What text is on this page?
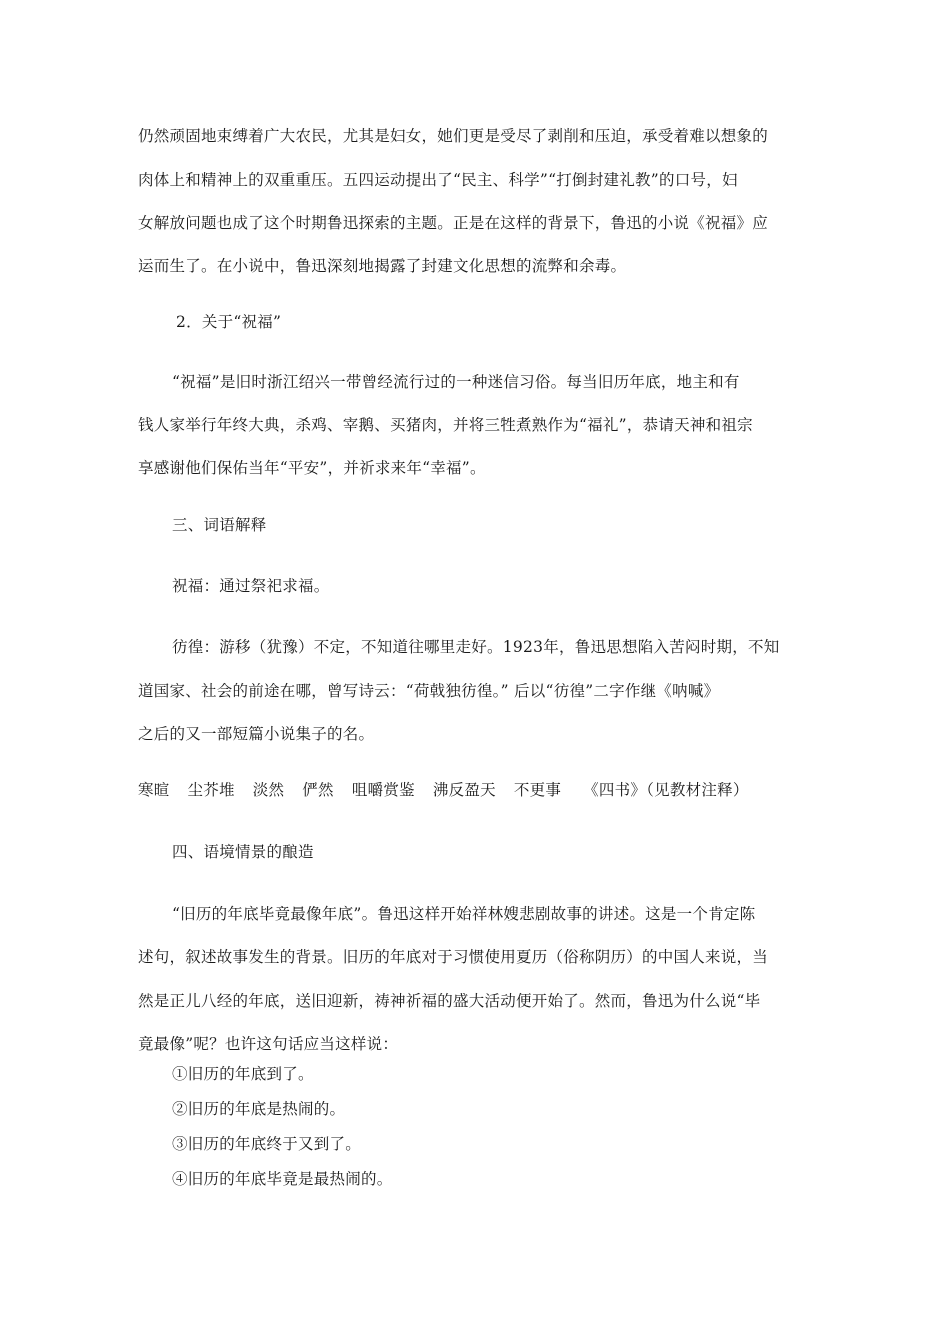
仍然顽固地束缚着广大农民，尤其是妇女，她们更是受尽了剥削和压迫，承受着难以想象的
肉体上和精神上的双重重压。五四运动提出了“民主、科学”“打倒封建礼教”的口号，妇
女解放问题也成了这个时期鲁迅探索的主题。正是在这样的背景下，鲁迅的小说《祝福》应
运而生了。在小说中，鲁迅深刻地揭露了封建文化思想的流弊和余毒。
2．关于“祝福”
“祝福”是旧时浙江绍兴一带曾经流行过的一种迷信习俗。每当旧历年底，地主和有
钱人家举行年终大典，杀鸡、宰鹅、买猪肉，并将三牲煮熟作为“福礼”，恭请天神和祖宗
享感谢他们保佑当年“平安”，并祈求来年“幸福”。
三、词语解释
祝福：通过祭祀求福。
彷徨：游移（犹豫）不定，不知道往哪里走好。1923年，鲁迅思想陷入苦闷时期，不知
道国家、社会的前途在哪，曾写诗云：“荷戟独彷徨。” 后以“彷徨”二字作继《呐喊》
之后的又一部短篇小说集子的名。
寒暄 尘芥堆 淡然 俨然 咀嚼赏鉴 沸反盈天 不更事 《四书》（见教材注释）
四、语境情景的酿造
“旧历的年底毕竟最像年底”。鲁迅这样开始祥林嫂悲剧故事的讲述。这是一个肯定陈
述句，叙述故事发生的背景。旧历的年底对于习惯使用夏历（俗称阴历）的中国人来说，当
然是正儿八经的年底，送旧迎新，祷神祈福的盛大活动便开始了。然而，鲁迅为什么说“毕
竟最像”呢？也许这句话应当这样说：
①旧历的年底到了。
②旧历的年底是热闹的。
③旧历的年底终于又到了。
④旧历的年底毕竟是最热闹的。
